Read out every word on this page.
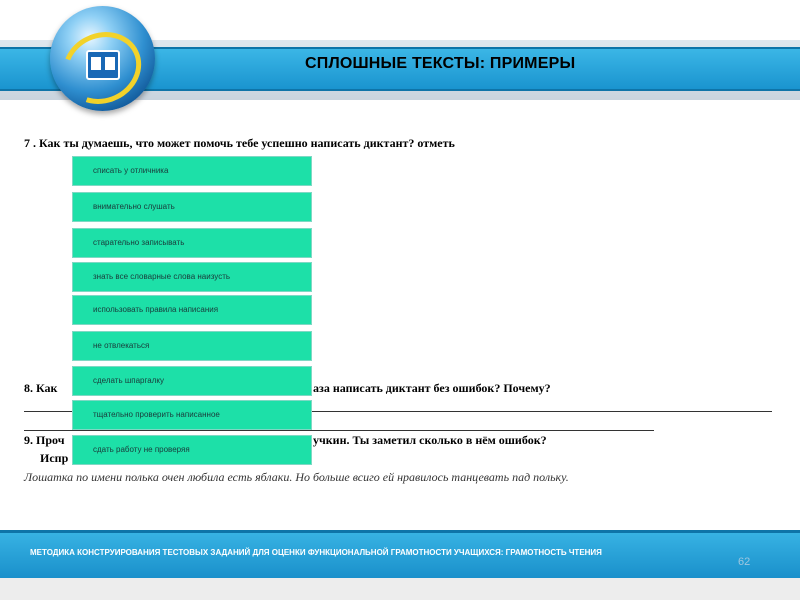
СПЛОШНЫЕ ТЕКСТЫ: ПРИМЕРЫ
7 . Как ты думаешь, что может помочь тебе успешно написать диктант? отметь
8. Как	аза написать диктант без ошибок? Почему?
9. Проч	учкин. Ты заметил сколько в нём ошибок?
Испр
Лошатка по имени полька очен любила есть яблаки. Но больше всиго ей нравилось танцевать пад польку.
списать у отличника
внимательно слушать
старательно записывать
знать все словарные слова наизусть
использовать правила написания
не отвлекаться
сделать шпаргалку
тщательно проверить написанное
сдать работу не проверяя
МЕТОДИКА КОНСТРУИРОВАНИЯ ТЕСТОВЫХ ЗАДАНИЙ ДЛЯ ОЦЕНКИ ФУНКЦИОНАЛЬНОЙ ГРАМОТНОСТИ УЧАЩИХСЯ: ГРАМОТНОСТЬ ЧТЕНИЯ
62
